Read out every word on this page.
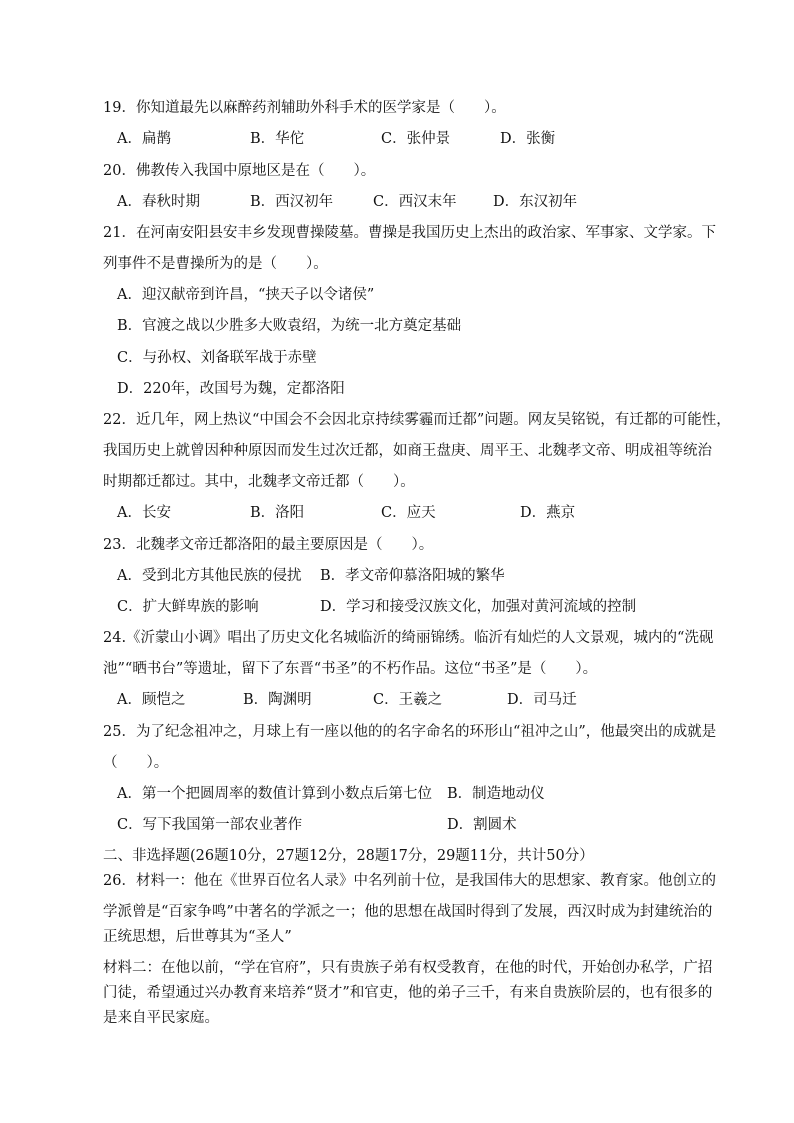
19．你知道最先以麻醉药剂辅助外科手术的医学家是（　　）。
A．扁鹊	B．华佗	C．张仲景	D．张衡
20．佛教传入我国中原地区是在（　　）。
A．春秋时期	B．西汉初年	C．西汉末年	D．东汉初年
21．在河南安阳县安丰乡发现曹操陵墓。曹操是我国历史上杰出的政治家、军事家、文学家。下
列事件不是曹操所为的是（　　）。
A．迎汉献帝到许昌，“挟天子以令诸侯”
B．官渡之战以少胜多大败袁绍，为统一北方奠定基础
C．与孙权、刘备联军战于赤壁
D．220年，改国号为魏，定都洛阳
22．近几年，网上热议“中国会不会因北京持续雾霾而迁都”问题。网友吴铭锐，有迁都的可能性，
我国历史上就曾因种种原因而发生过次迁都，如商王盘庚、周平王、北魏孝文帝、明成祖等统治
时期都迁都过。其中，北魏孝文帝迁都（　　）。
A．长安	B．洛阳	C．应天	D．燕京
23．北魏孝文帝迁都洛阳的最主要原因是（　　）。
A．受到北方其他民族的侵扰 B．孝文帝仰慕洛阳城的繁华
C．扩大鲜卑族的影响	D．学习和接受汉族文化，加强对黄河流域的控制
24.《沂蒙山小调》唱出了历史文化名城临沂的绮丽锦绣。临沂有灿烂的人文景观，城内的“洗砚
池”“晒书台”等遗址，留下了东晋“书圣”的不朽作品。这位“书圣”是（　　）。
A．顾恺之	B．陶渊明	C．王羲之	D．司马迁
25．为了纪念祖冲之，月球上有一座以他的的名字命名的环形山“祖冲之山”，他最突出的成就是
（　　）。
A．第一个把圆周率的数值计算到小数点后第七位 B．制造地动仪
C．写下我国第一部农业著作	D．割圆术
二、非选择题(26题10分，27题12分，28题17分，29题11分，共计50分）
26．材料一：他在《世界百位名人录》中名列前十位，是我国伟大的思想家、教育家。他创立的
学派曾是“百家争鸣”中著名的学派之一；他的思想在战国时得到了发展，西汉时成为封建统治的
正统思想，后世尊其为“圣人”
材料二：在他以前，“学在官府”，只有贵族子弟有权受教育，在他的时代，开始创办私学，广招
门徒，希望通过兴办教育来培养“贤才”和官吏，他的弟子三千，有来自贵族阶层的，也有很多的
是来自平民家庭。
